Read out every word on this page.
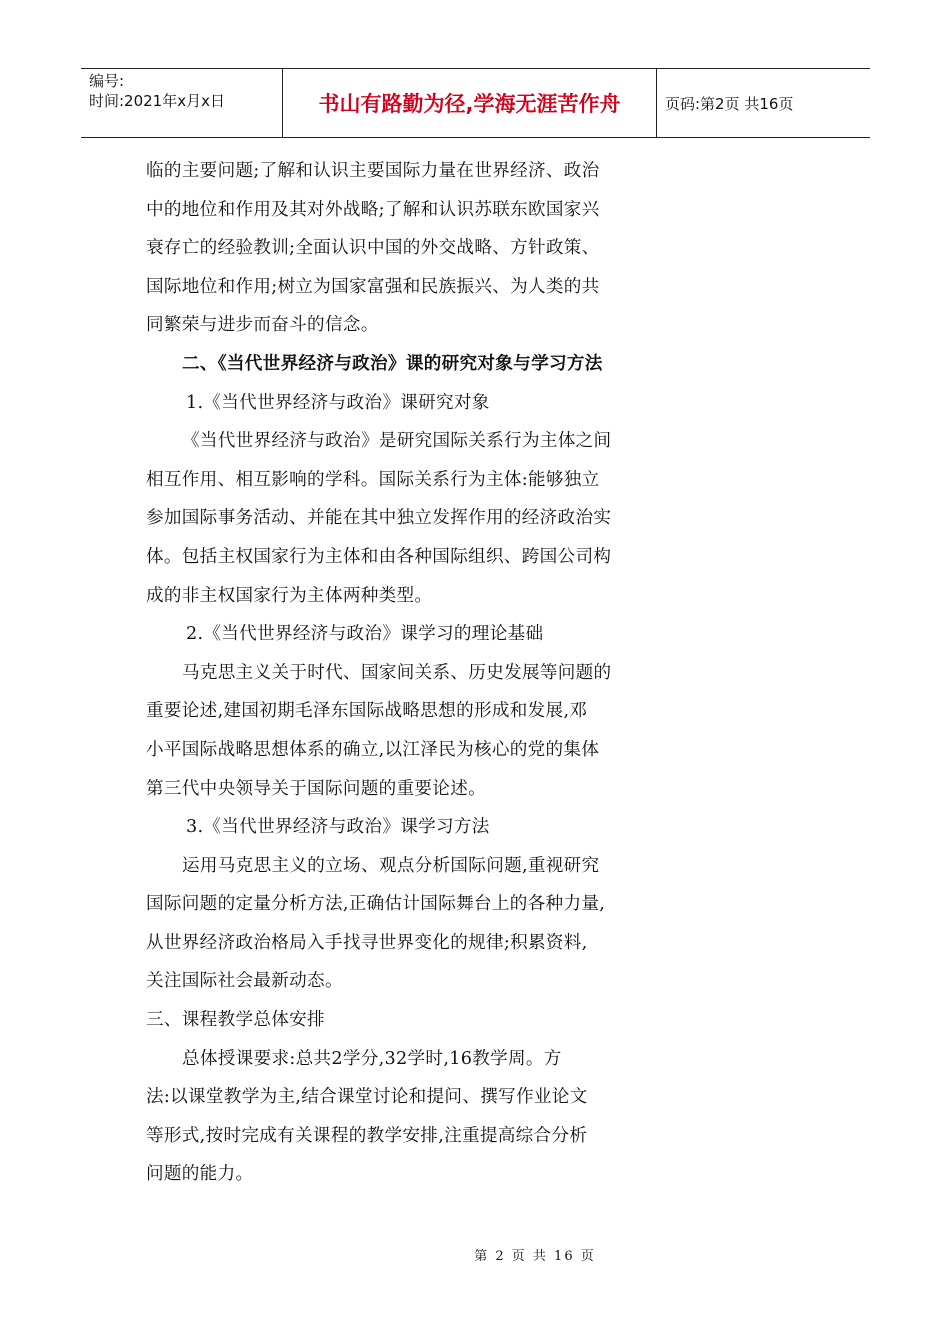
编号:
时间:2021年x月x日	书山有路勤为径,学海无涯苦作舟	页码:第2页 共16页
临的主要问题;了解和认识主要国际力量在世界经济、政治
中的地位和作用及其对外战略;了解和认识苏联东欧国家兴
衰存亡的经验教训;全面认识中国的外交战略、方针政策、
国际地位和作用;树立为国家富强和民族振兴、为人类的共
同繁荣与进步而奋斗的信念。
二、《当代世界经济与政治》课的研究对象与学习方法
1.《当代世界经济与政治》课研究对象
《当代世界经济与政治》是研究国际关系行为主体之间
相互作用、相互影响的学科。国际关系行为主体:能够独立
参加国际事务活动、并能在其中独立发挥作用的经济政治实
体。包括主权国家行为主体和由各种国际组织、跨国公司构
成的非主权国家行为主体两种类型。
2.《当代世界经济与政治》课学习的理论基础
马克思主义关于时代、国家间关系、历史发展等问题的
重要论述,建国初期毛泽东国际战略思想的形成和发展,邓
小平国际战略思想体系的确立,以江泽民为核心的党的集体
第三代中央领导关于国际问题的重要论述。
3.《当代世界经济与政治》课学习方法
运用马克思主义的立场、观点分析国际问题,重视研究
国际问题的定量分析方法,正确估计国际舞台上的各种力量,
从世界经济政治格局入手找寻世界变化的规律;积累资料,
关注国际社会最新动态。
三、课程教学总体安排
总体授课要求:总共2学分,32学时,16教学周。方
法:以课堂教学为主,结合课堂讨论和提问、撰写作业论文
等形式,按时完成有关课程的教学安排,注重提高综合分析
问题的能力。
第 2 页 共 16 页
